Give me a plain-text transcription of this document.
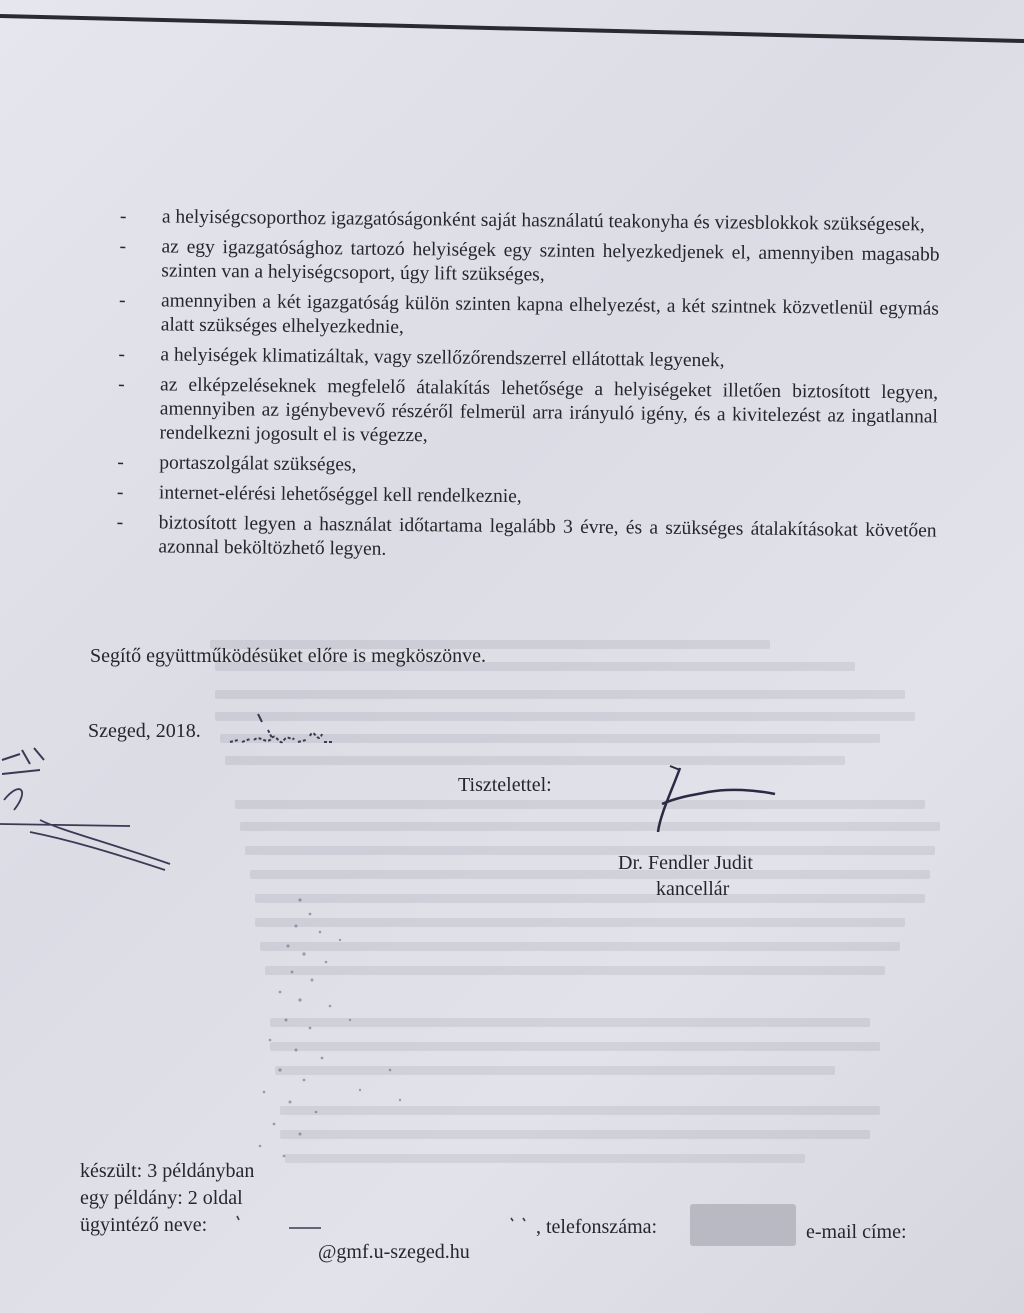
-	a helyiségcsoporthoz igazgatóságonként saját használatú teakonyha és vizesblokkok szükségesek,
-	az egy igazgatósághoz tartozó helyiségek egy szinten helyezkedjenek el, amennyiben magasabb szinten van a helyiségcsoport, úgy lift szükséges,
-	amennyiben a két igazgatóság külön szinten kapna elhelyezést, a két szintnek közvetlenül egymás alatt szükséges elhelyezkednie,
-	a helyiségek klimatizáltak, vagy szellőzőrendszerrel ellátottak legyenek,
-	az elképzeléseknek megfelelő átalakítás lehetősége a helyiségeket illetően biztosított legyen, amennyiben az igénybevevő részéről felmerül arra irányuló igény, és a kivitelezést az ingatlannal rendelkezni jogosult el is végezze,
-	portaszolgálat szükséges,
-	internet-elérési lehetőséggel kell rendelkeznie,
-	biztosított legyen a használat időtartama legalább 3 évre, és a szükséges átalakításokat követően azonnal beköltözhető legyen.
Segítő együttműködésüket előre is megköszönve.
Szeged, 2018.
Tisztelettel:
Dr. Fendler Judit
kancellár
készült: 3 példányban
egy példány: 2 oldal
ügyintéző neve:	, telefonszáma:	e-mail címe:
@gmf.u-szeged.hu
